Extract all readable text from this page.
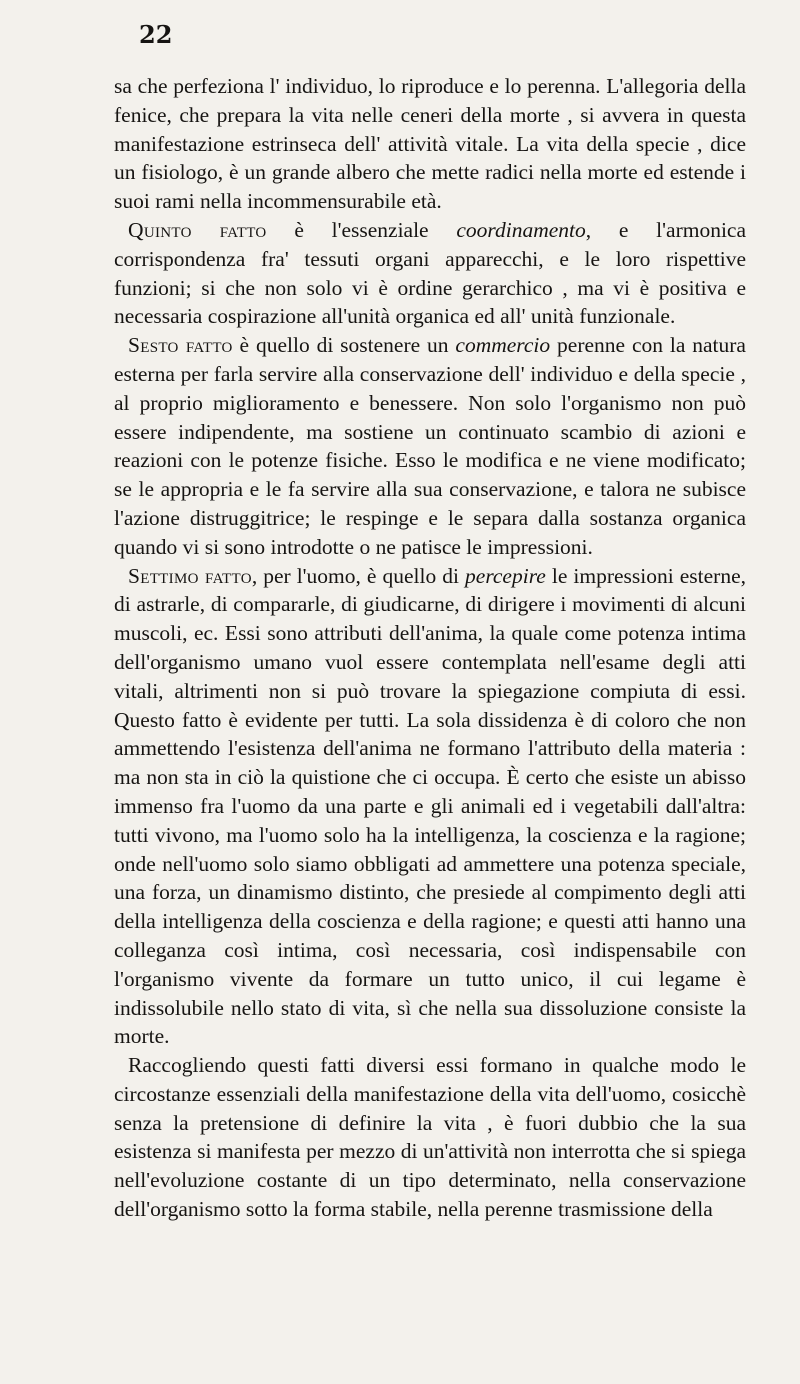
22

sa che perfeziona l' individuo, lo riproduce e lo perenna. L'allegoria della fenice, che prepara la vita nelle ceneri della morte , si avvera in questa manifestazione estrinseca dell' attività vitale. La vita della specie , dice un fisiologo, è un grande albero che mette radici nella morte ed estende i suoi rami nella incommensurabile età.

Quinto fatto è l'essenziale coordinamento, e l'armonica corrispondenza fra' tessuti organi apparecchi, e le loro rispettive funzioni; si che non solo vi è ordine gerarchico , ma vi è positiva e necessaria cospirazione all'unità organica ed all' unità funzionale.

Sesto fatto è quello di sostenere un commercio perenne con la natura esterna per farla servire alla conservazione dell' individuo e della specie , al proprio miglioramento e benessere. Non solo l'organismo non può essere indipendente, ma sostiene un continuato scambio di azioni e reazioni con le potenze fisiche. Esso le modifica e ne viene modificato; se le appropria e le fa servire alla sua conservazione, e talora ne subisce l'azione distruggitrice; le respinge e le separa dalla sostanza organica quando vi si sono introdotte o ne patisce le impressioni.

Settimo fatto, per l'uomo, è quello di percepire le impressioni esterne, di astrarle, di compararle, di giudicarne, di dirigere i movimenti di alcuni muscoli, ec. Essi sono attributi dell'anima, la quale come potenza intima dell'organismo umano vuol essere contemplata nell'esame degli atti vitali, altrimenti non si può trovare la spiegazione compiuta di essi. Questo fatto è evidente per tutti. La sola dissidenza è di coloro che non ammettendo l'esistenza dell'anima ne formano l'attributo della materia : ma non sta in ciò la quistione che ci occupa. È certo che esiste un abisso immenso fra l'uomo da una parte e gli animali ed i vegetabili dall'altra: tutti vivono, ma l'uomo solo ha la intelligenza, la coscienza e la ragione; onde nell'uomo solo siamo obbligati ad ammettere una potenza speciale, una forza, un dinamismo distinto, che presiede al compimento degli atti della intelligenza della coscienza e della ragione; e questi atti hanno una colleganza così intima, così necessaria, così indispensabile con l'organismo vivente da formare un tutto unico, il cui legame è indissolubile nello stato di vita, sì che nella sua dissoluzione consiste la morte.

Raccogliendo questi fatti diversi essi formano in qualche modo le circostanze essenziali della manifestazione della vita dell'uomo, cosicchè senza la pretensione di definire la vita , è fuori dubbio che la sua esistenza si manifesta per mezzo di un'attività non interrotta che si spiega nell'evoluzione costante di un tipo determinato, nella conservazione dell'organismo sotto la forma stabile, nella perenne trasmissione della
